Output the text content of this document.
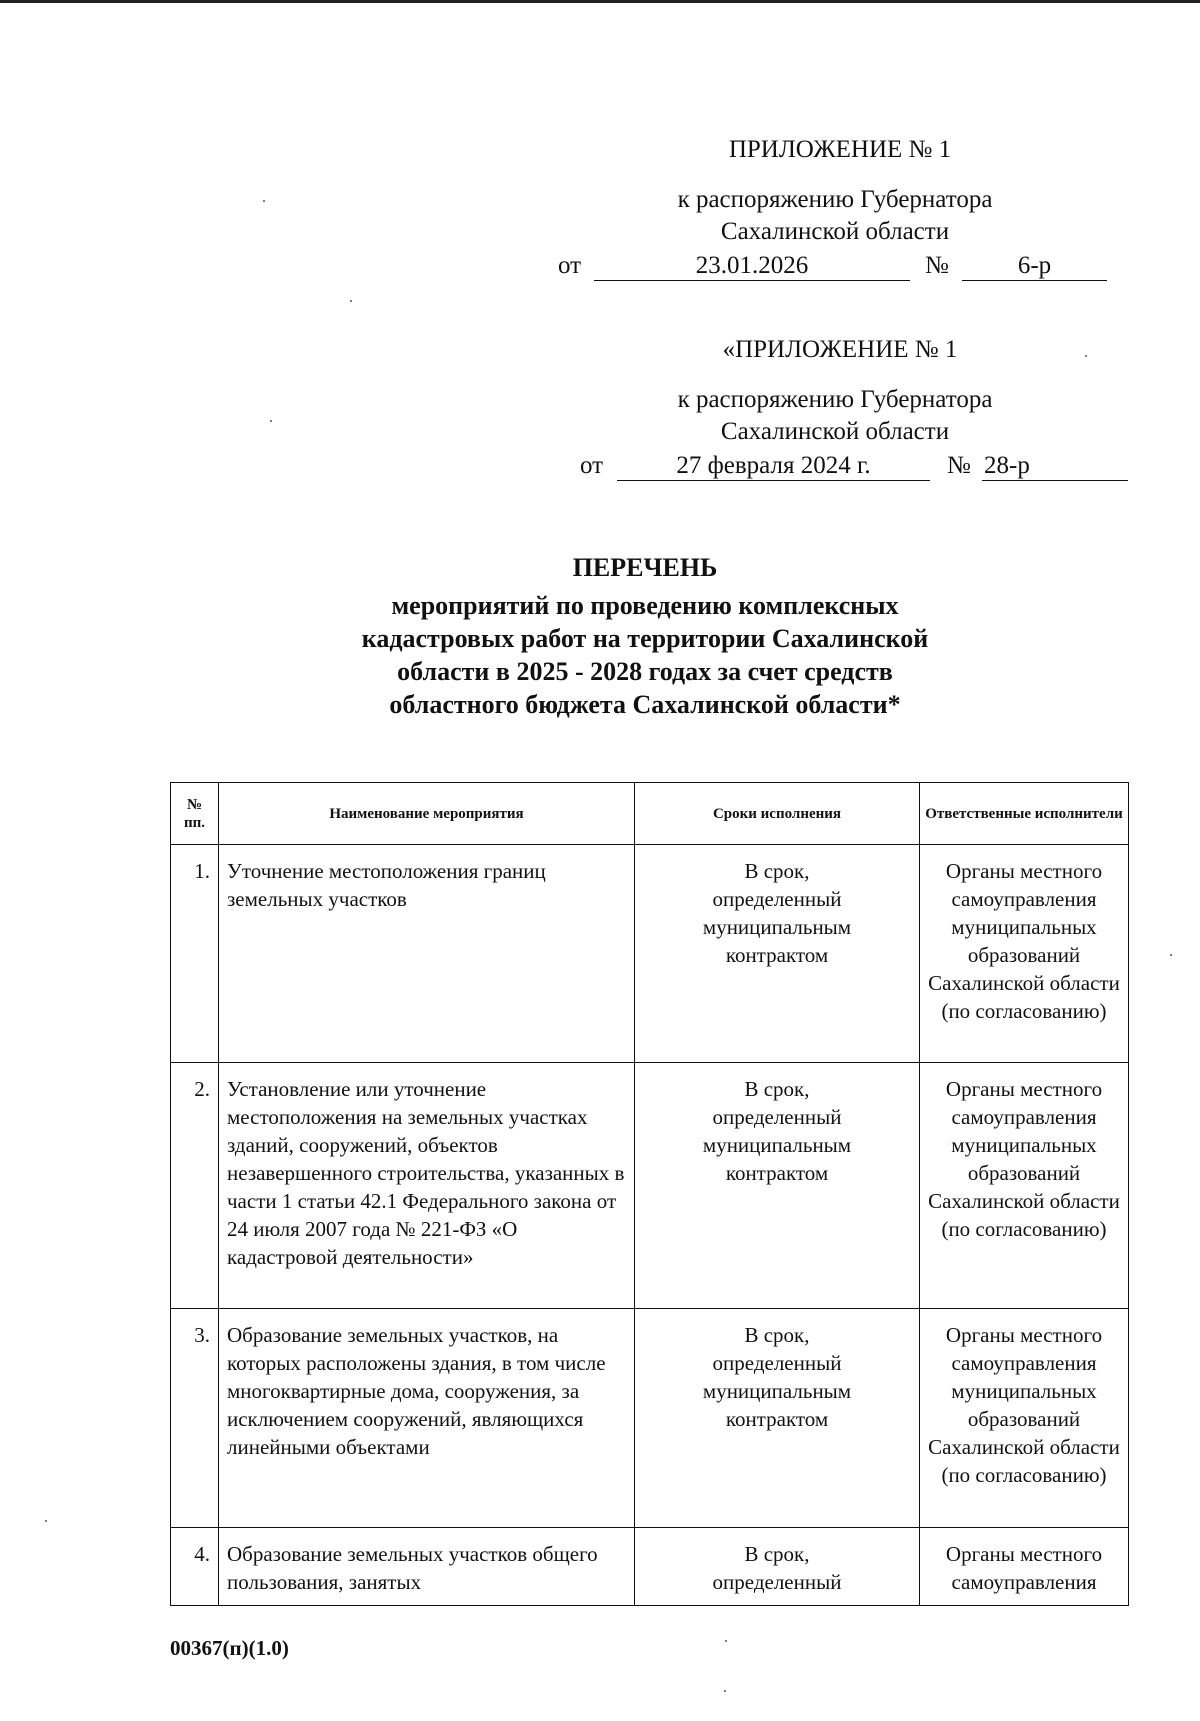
ПРИЛОЖЕНИЕ № 1
к распоряжению Губернатора
Сахалинской области
от	23.01.2026	№	6-р
«ПРИЛОЖЕНИЕ № 1
к распоряжению Губернатора
Сахалинской области
от	27 февраля 2024 г.	№ 28-р
ПЕРЕЧЕНЬ
мероприятий по проведению комплексных
кадастровых работ на территории Сахалинской
области в 2025 - 2028 годах за счет средств
областного бюджета Сахалинской области*
№ пп.	Наименование мероприятия	Сроки исполнения	Ответственные исполнители
1.	Уточнение местоположения границ земельных участков	В срок, определенный муниципальным контрактом	Органы местного самоуправления муниципальных образований Сахалинской области (по согласованию)
2.	Установление или уточнение местоположения на земельных участках зданий, сооружений, объектов незавершенного строительства, указанных в части 1 статьи 42.1 Федерального закона от 24 июля 2007 года № 221-ФЗ «О кадастровой деятельности»	В срок, определенный муниципальным контрактом	Органы местного самоуправления муниципальных образований Сахалинской области (по согласованию)
3.	Образование земельных участков, на которых расположены здания, в том числе многоквартирные дома, сооружения, за исключением сооружений, являющихся линейными объектами	В срок, определенный муниципальным контрактом	Органы местного самоуправления муниципальных образований Сахалинской области (по согласованию)
4.	Образование земельных участков общего пользования, занятых	В срок, определенный	Органы местного самоуправления
00367(п)(1.0)
